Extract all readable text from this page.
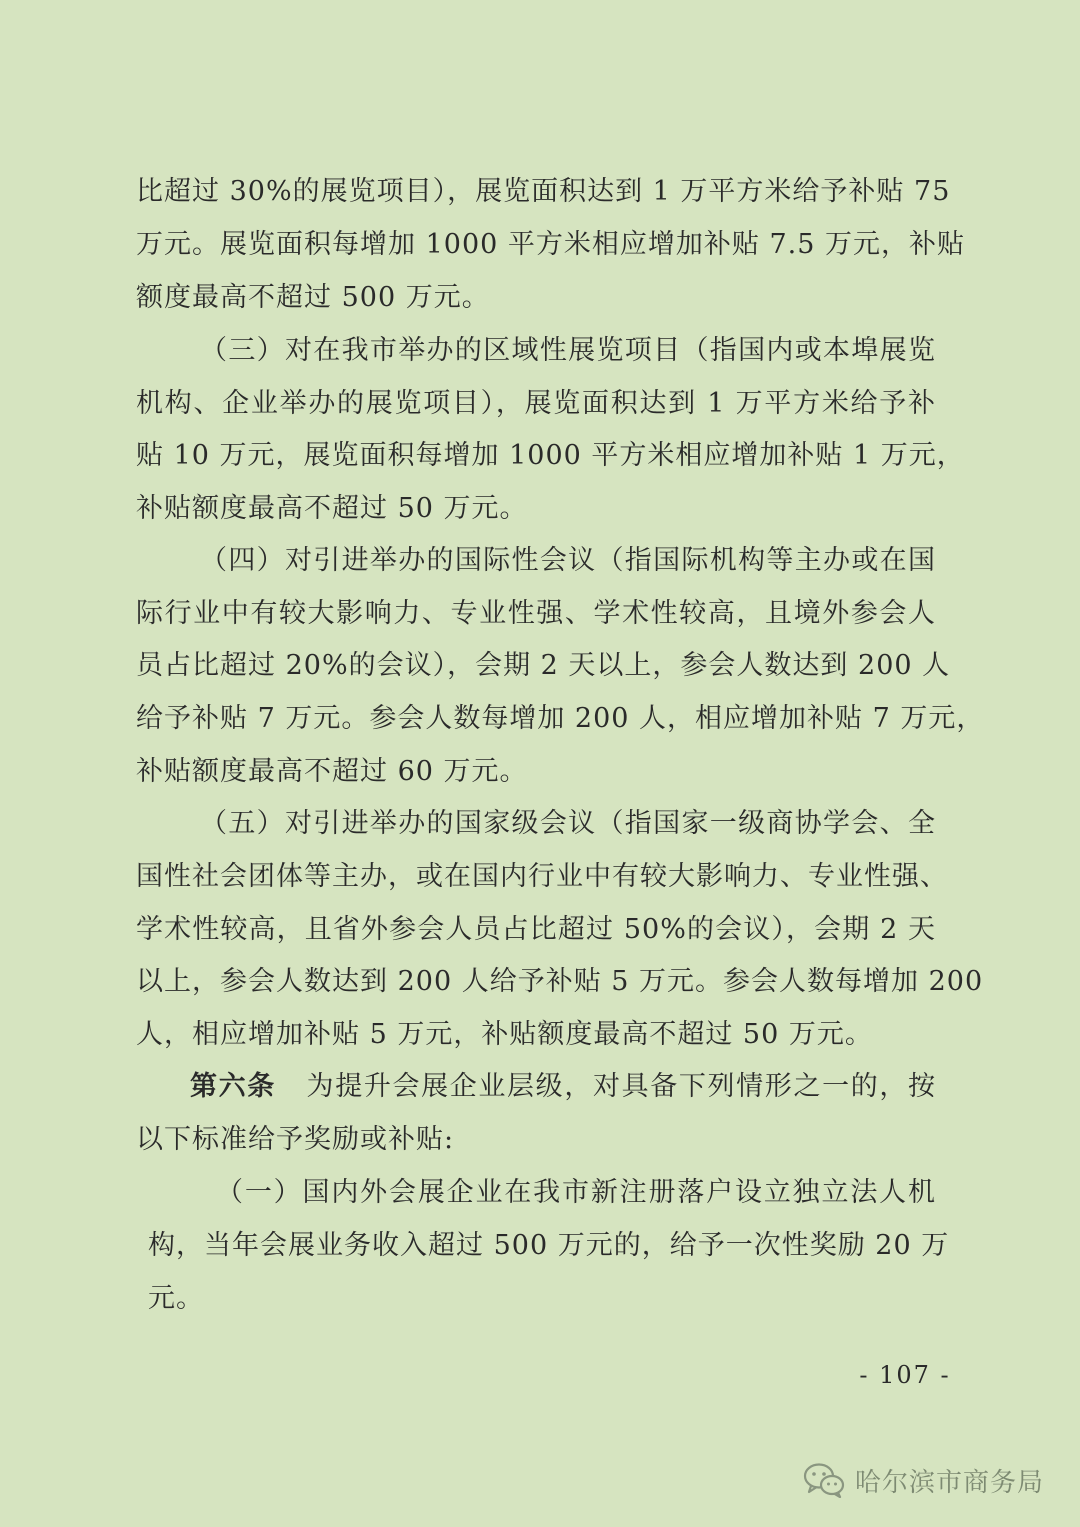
比超过 30%的展览项目），展览面积达到 1 万平方米给予补贴 75
万元。展览面积每增加 1000 平方米相应增加补贴 7.5 万元，补贴
额度最高不超过 500 万元。
（三）对在我市举办的区域性展览项目（指国内或本埠展览
机构、企业举办的展览项目），展览面积达到 1 万平方米给予补
贴 10 万元，展览面积每增加 1000 平方米相应增加补贴 1 万元，
补贴额度最高不超过 50 万元。
（四）对引进举办的国际性会议（指国际机构等主办或在国
际行业中有较大影响力、专业性强、学术性较高，且境外参会人
员占比超过 20%的会议），会期 2 天以上，参会人数达到 200 人
给予补贴 7 万元。参会人数每增加 200 人，相应增加补贴 7 万元，
补贴额度最高不超过 60 万元。
（五）对引进举办的国家级会议（指国家一级商协学会、全
国性社会团体等主办，或在国内行业中有较大影响力、专业性强、
学术性较高，且省外参会人员占比超过 50%的会议），会期 2 天
以上，参会人数达到 200 人给予补贴 5 万元。参会人数每增加 200
人，相应增加补贴 5 万元，补贴额度最高不超过 50 万元。
第六条 为提升会展企业层级，对具备下列情形之一的，按
以下标准给予奖励或补贴:
（一）国内外会展企业在我市新注册落户设立独立法人机
构，当年会展业务收入超过 500 万元的，给予一次性奖励 20 万
元。
- 107 -
哈尔滨市商务局
